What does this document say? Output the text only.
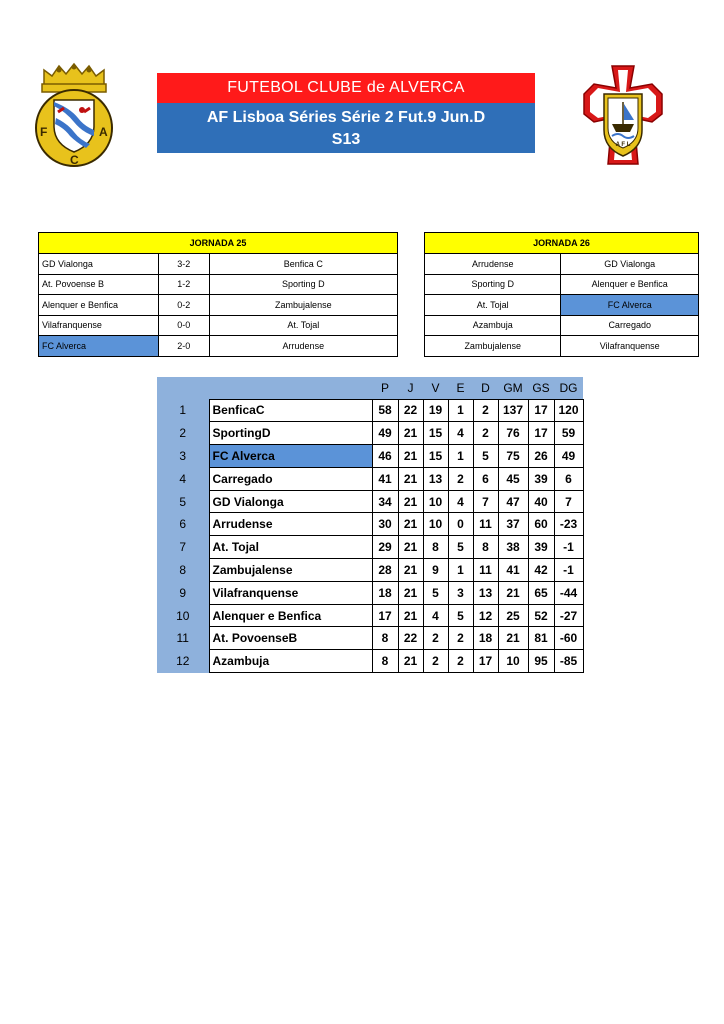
F
C
A
FUTEBOL CLUBE de ALVERCA
AF Lisboa Séries Série 2 Fut.9 Jun.D
S13	A F L
JORNADA 25		
GD Vialonga	3-2	Benfica C
At. Povoense B	1-2	Sporting D
Alenquer e Benfica	0-2	Zambujalense
Vilafranquense	0-0	At. Tojal
FC Alverca	2-0	Arrudense
JORNADA 26	
Arrudense	GD Vialonga
Sporting D	Alenquer e Benfica
At. Tojal	FC Alverca
Azambuja	Carregado
Zambujalense	Vilafranquense
		P	J	V	E	D	GM	GS	DG
1	BenficaC	58	22	19	1	2	137	17	120
2	SportingD	49	21	15	4	2	76	17	59
3	FC Alverca	46	21	15	1	5	75	26	49
4	Carregado	41	21	13	2	6	45	39	6
5	GD Vialonga	34	21	10	4	7	47	40	7
6	Arrudense	30	21	10	0	11	37	60	-23
7	At. Tojal	29	21	8	5	8	38	39	-1
8	Zambujalense	28	21	9	1	11	41	42	-1
9	Vilafranquense	18	21	5	3	13	21	65	-44
10	Alenquer e Benfica	17	21	4	5	12	25	52	-27
11	At. PovoenseB	8	22	2	2	18	21	81	-60
12	Azambuja	8	21	2	2	17	10	95	-85
